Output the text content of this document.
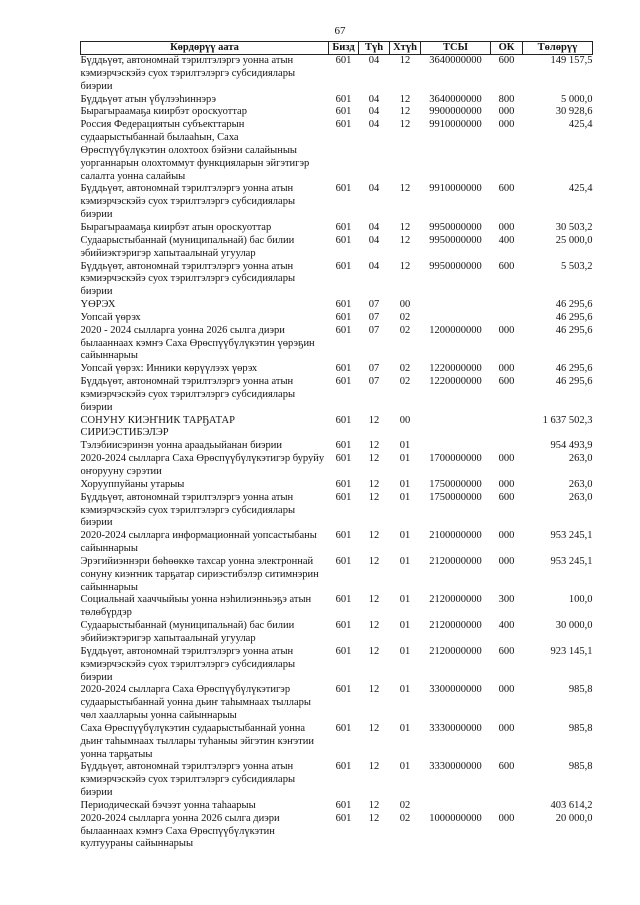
67
Көрдөрүү аата	Бизд	Түһ	Хтүһ	ТСЫ	ОК	Төлөрүү
Бүддьүөт, автономнай тэрилтэлэргэ уонна атын
кэмиэрчэскэйэ суох тэрилтэлэргэ субсидиялары
биэрии	601	04	12	3640000000	600	149 157,5
Бүддьүөт атын үбүлээһиннэрэ	601	04	12	3640000000	800	5 000,0
Бырагыраамаҕа киирбэт ороскуоттар	601	04	12	9900000000	000	30 928,6
Россия Федерациятын субъекттарын
судаарыстыбаннай былааһын, Саха
Өрөспүүбүлүкэтин олохтоох бэйэни салайыныы
уорганнарын олохтоммут функцияларын эйгэтигэр
салалта уонна салайыы	601	04	12	9910000000	000	425,4
Бүддьүөт, автономнай тэрилтэлэргэ уонна атын
кэмиэрчэскэйэ суох тэрилтэлэргэ субсидиялары
биэрии	601	04	12	9910000000	600	425,4
Бырагыраамаҕа киирбэт атын ороскуоттар	601	04	12	9950000000	000	30 503,2
Судаарыстыбаннай (муниципальнай) бас билии
эбийиэктэригэр хапытаалынай угуулар	601	04	12	9950000000	400	25 000,0
Бүддьүөт, автономнай тэрилтэлэргэ уонна атын
кэмиэрчэскэйэ суох тэрилтэлэргэ субсидиялары
биэрии	601	04	12	9950000000	600	5 503,2
ҮӨРЭХ	601	07	00			46 295,6
Уопсай үөрэх	601	07	02			46 295,6
2020 - 2024 сылларга уонна 2026 сылга диэри
былааннаах кэмҥэ Саха Өрөспүүбүлүкэтин үөрэҕин
сайыннарыы	601	07	02	1200000000	000	46 295,6
Уопсай үөрэх: Инники көрүүлээх үөрэх	601	07	02	1220000000	000	46 295,6
Бүддьүөт, автономнай тэрилтэлэргэ уонна атын
кэмиэрчэскэйэ суох тэрилтэлэргэ субсидиялары
биэрии	601	07	02	1220000000	600	46 295,6
СОНУНУ КИЭҤНИК ТАРҔАТАР
СИРИЭСТИБЭЛЭР	601	12	00			1 637 502,3
Тэлэбиисэринэн уонна араадьыйанан биэрии	601	12	01			954 493,9
2020-2024 сылларга Саха Өрөспүүбүлүкэтигэр буруйу
оҥорууну сэрэтии	601	12	01	1700000000	000	263,0
Хорууппуйаны утарыы	601	12	01	1750000000	000	263,0
Бүддьүөт, автономнай тэрилтэлэргэ уонна атын
кэмиэрчэскэйэ суох тэрилтэлэргэ субсидиялары
биэрии	601	12	01	1750000000	600	263,0
2020-2024 сылларга информационнай уопсастыбаны
сайыннарыы	601	12	01	2100000000	000	953 245,1
Эрэгийиэннэри бөһөөккө тахсар уонна электроннай
сонуну киэҥник тарҕатар сириэстибэлэр ситимнэрин
сайыннарыы	601	12	01	2120000000	000	953 245,1
Социальнай хааччыйыы уонна нэһилиэнньэҕэ атын
төлөбүрдэр	601	12	01	2120000000	300	100,0
Судаарыстыбаннай (муниципальнай) бас билии
эбийиэктэригэр хапытаалынай угуулар	601	12	01	2120000000	400	30 000,0
Бүддьүөт, автономнай тэрилтэлэргэ уонна атын
кэмиэрчэскэйэ суох тэрилтэлэргэ субсидиялары
биэрии	601	12	01	2120000000	600	923 145,1
2020-2024 сылларга Саха Өрөспүүбүлүкэтигэр
судаарыстыбаннай уонна дьиҥ таһымнаах тыллары
чөл хаалларыы уонна сайыннарыы	601	12	01	3300000000	000	985,8
Саха Өрөспүүбүлүкэтин судаарыстыбаннай уонна
дьиҥ таһымнаах тыллары туһаныы эйгэтин кэҥэтии
уонна тарҕатыы	601	12	01	3330000000	000	985,8
Бүддьүөт, автономнай тэрилтэлэргэ уонна атын
кэмиэрчэскэйэ суох тэрилтэлэргэ субсидиялары
биэрии	601	12	01	3330000000	600	985,8
Периодическай бэчээт уонна таһаарыы	601	12	02			403 614,2
2020-2024 сылларга уонна 2026 сылга диэри
былааннаах кэмҥэ Саха Өрөспүүбүлүкэтин
култуураны сайыннарыы	601	12	02	1000000000	000	20 000,0
